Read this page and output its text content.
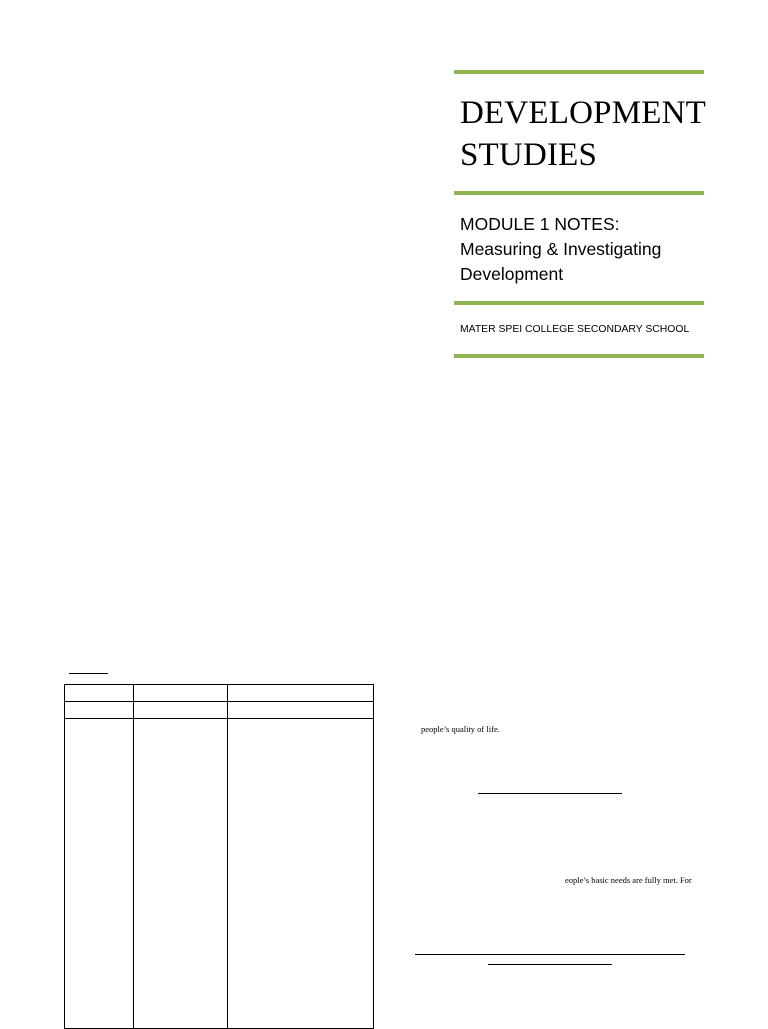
DEVELOPMENT
STUDIES
MODULE 1 NOTES:
Measuring & Investigating
Development
MATER SPEI COLLEGE SECONDARY SCHOOL

people’s quality of life.
eople’s basic needs are fully met. For
